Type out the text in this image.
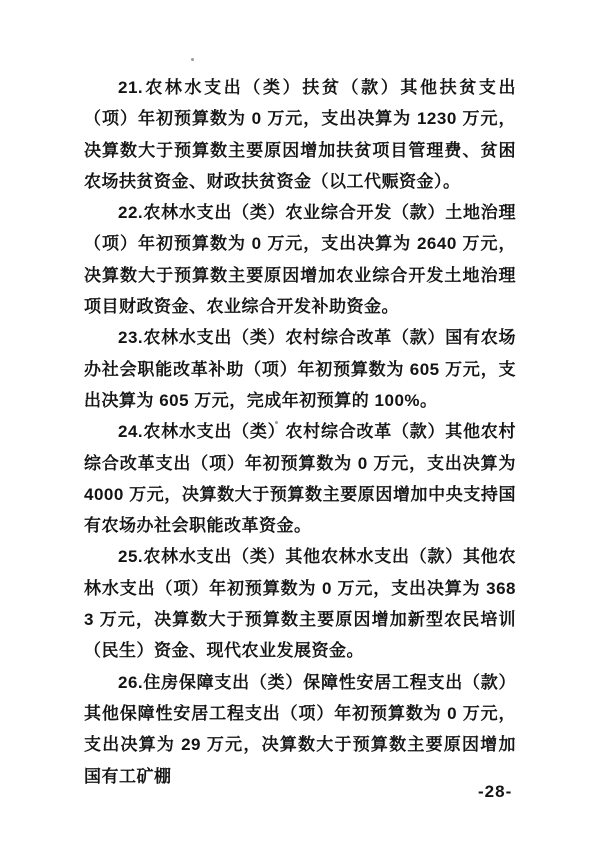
21.农林水支出（类）扶贫（款）其他扶贫支出（项）年初预算数为 0 万元，支出决算为 1230 万元，决算数大于预算数主要原因增加扶贫项目管理费、贫困农场扶贫资金、财政扶贫资金（以工代赈资金）。

22.农林水支出（类）农业综合开发（款）土地治理（项）年初预算数为 0 万元，支出决算为 2640 万元，决算数大于预算数主要原因增加农业综合开发土地治理项目财政资金、农业综合开发补助资金。

23.农林水支出（类）农村综合改革（款）国有农场办社会职能改革补助（项）年初预算数为 605 万元，支出决算为 605 万元，完成年初预算的 100%。

24.农林水支出（类）农村综合改革（款）其他农村综合改革支出（项）年初预算数为 0 万元，支出决算为 4000 万元，决算数大于预算数主要原因增加中央支持国有农场办社会职能改革资金。

25.农林水支出（类）其他农林水支出（款）其他农林水支出（项）年初预算数为 0 万元，支出决算为 3683 万元，决算数大于预算数主要原因增加新型农民培训（民生）资金、现代农业发展资金。

26.住房保障支出（类）保障性安居工程支出（款）其他保障性安居工程支出（项）年初预算数为 0 万元，支出决算为 29 万元，决算数大于预算数主要原因增加国有工矿棚

-28-
